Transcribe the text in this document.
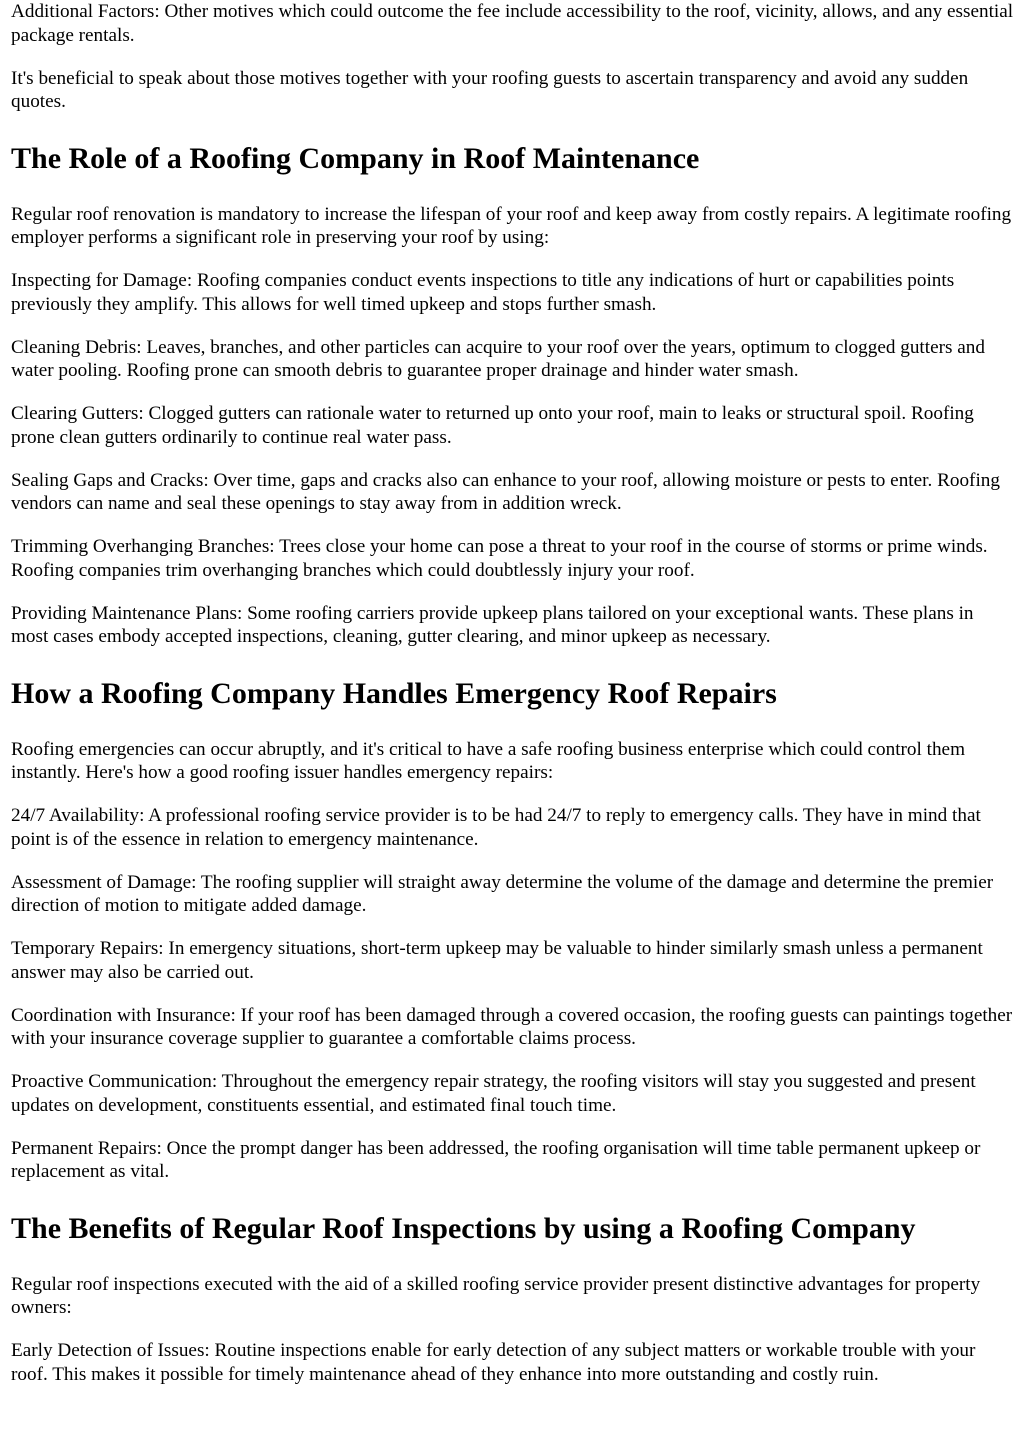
Additional Factors: Other motives which could outcome the fee include accessibility to the roof, vicinity, allows, and any essential package rentals.

It's beneficial to speak about those motives together with your roofing guests to ascertain transparency and avoid any sudden quotes.

The Role of a Roofing Company in Roof Maintenance

Regular roof renovation is mandatory to increase the lifespan of your roof and keep away from costly repairs. A legitimate roofing employer performs a significant role in preserving your roof by using:

Inspecting for Damage: Roofing companies conduct events inspections to title any indications of hurt or capabilities points previously they amplify. This allows for well timed upkeep and stops further smash.

Cleaning Debris: Leaves, branches, and other particles can acquire to your roof over the years, optimum to clogged gutters and water pooling. Roofing prone can smooth debris to guarantee proper drainage and hinder water smash.

Clearing Gutters: Clogged gutters can rationale water to returned up onto your roof, main to leaks or structural spoil. Roofing prone clean gutters ordinarily to continue real water pass.

Sealing Gaps and Cracks: Over time, gaps and cracks also can enhance to your roof, allowing moisture or pests to enter. Roofing vendors can name and seal these openings to stay away from in addition wreck.

Trimming Overhanging Branches: Trees close your home can pose a threat to your roof in the course of storms or prime winds. Roofing companies trim overhanging branches which could doubtlessly injury your roof.

Providing Maintenance Plans: Some roofing carriers provide upkeep plans tailored on your exceptional wants. These plans in most cases embody accepted inspections, cleaning, gutter clearing, and minor upkeep as necessary.

How a Roofing Company Handles Emergency Roof Repairs

Roofing emergencies can occur abruptly, and it's critical to have a safe roofing business enterprise which could control them instantly. Here's how a good roofing issuer handles emergency repairs:

24/7 Availability: A professional roofing service provider is to be had 24/7 to reply to emergency calls. They have in mind that point is of the essence in relation to emergency maintenance.

Assessment of Damage: The roofing supplier will straight away determine the volume of the damage and determine the premier direction of motion to mitigate added damage.

Temporary Repairs: In emergency situations, short-term upkeep may be valuable to hinder similarly smash unless a permanent answer may also be carried out.

Coordination with Insurance: If your roof has been damaged through a covered occasion, the roofing guests can paintings together with your insurance coverage supplier to guarantee a comfortable claims process.

Proactive Communication: Throughout the emergency repair strategy, the roofing visitors will stay you suggested and present updates on development, constituents essential, and estimated final touch time.

Permanent Repairs: Once the prompt danger has been addressed, the roofing organisation will time table permanent upkeep or replacement as vital.

The Benefits of Regular Roof Inspections by using a Roofing Company

Regular roof inspections executed with the aid of a skilled roofing service provider present distinctive advantages for property owners:

Early Detection of Issues: Routine inspections enable for early detection of any subject matters or workable trouble with your roof. This makes it possible for timely maintenance ahead of they enhance into more outstanding and costly ruin.
